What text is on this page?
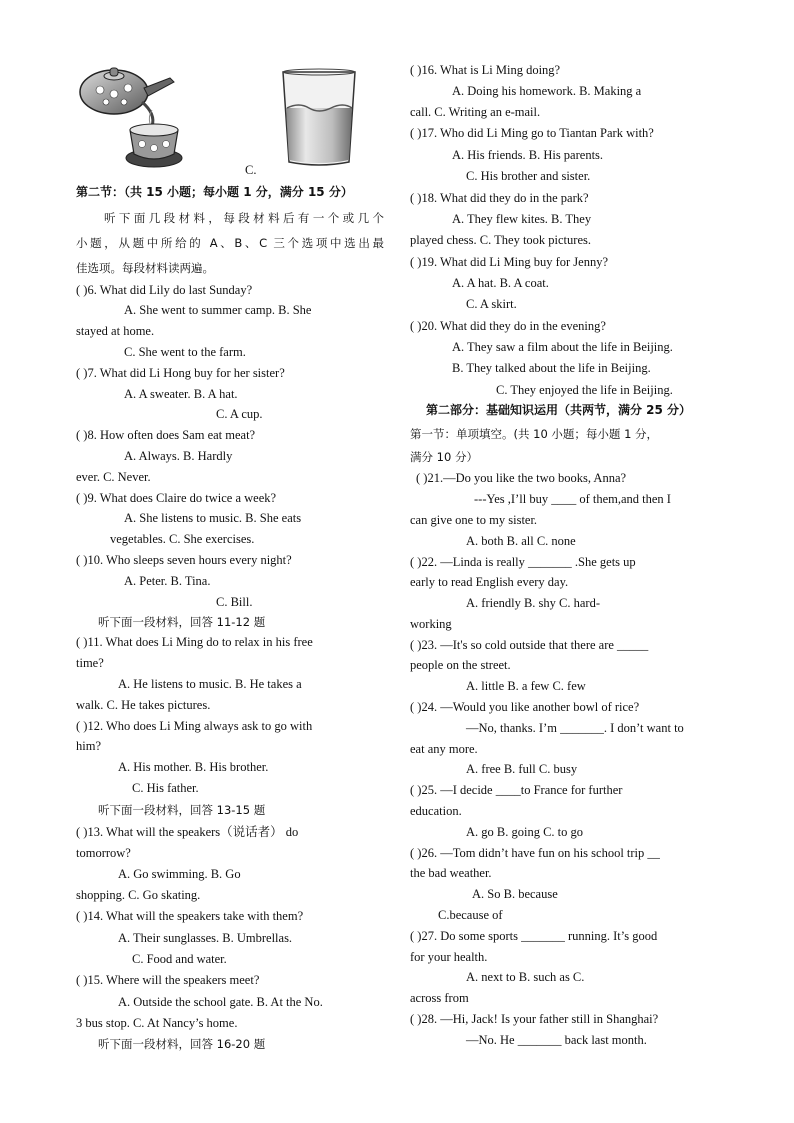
C.
第二节：（共 15 小题；每小题 1 分，满分 15 分）
听下面几段材料，每段材料后有一个或几个
小题，从题中所给的 A、B、C 三个选项中选出最
佳选项。每段材料读两遍。
( )6. What did Lily do last Sunday?
A. She went to summer camp. B. She
stayed at home.
C. She went to the farm.
( )7. What did Li Hong buy for her sister?
A. A sweater. B. A hat.
C. A cup.
( )8. How often does Sam eat meat?
A. Always. B. Hardly
ever. C. Never.
( )9. What does Claire do twice a week?
A. She listens to music. B. She eats
vegetables. C. She exercises.
( )10. Who sleeps seven hours every night?
A. Peter. B. Tina.
C. Bill.
听下面一段材料，回答 11-12 题
( )11. What does Li Ming do to relax in his free
time?
A. He listens to music. B. He takes a
walk. C. He takes pictures.
( )12. Who does Li Ming always ask to go with
him?
A. His mother. B. His brother.
C. His father.
听下面一段材料，回答 13-15 题
( )13. What will the speakers（说话者） do
tomorrow?
A. Go swimming. B. Go
shopping. C. Go skating.
( )14. What will the speakers take with them?
A. Their sunglasses. B. Umbrellas.
C. Food and water.
( )15. Where will the speakers meet?
A. Outside the school gate. B. At the No.
3 bus stop. C. At Nancy’s home.
听下面一段材料，回答 16-20 题
( )16. What is Li Ming doing?
A. Doing his homework. B. Making a
call. C. Writing an e-mail.
( )17. Who did Li Ming go to Tiantan Park with?
A. His friends. B. His parents.
C. His brother and sister.
( )18. What did they do in the park?
A. They flew kites. B. They
played chess. C. They took pictures.
( )19. What did Li Ming buy for Jenny?
A. A hat. B. A coat.
C. A skirt.
( )20. What did they do in the evening?
A. They saw a film about the life in Beijing.
B. They talked about the life in Beijing.
C. They enjoyed the life in Beijing.
第二部分：基础知识运用（共两节，满分 25 分）
第一节：单项填空。(共 10 小题；每小题 1 分，
满分 10 分）
( )21.—Do you like the two books, Anna?
---Yes ,I’ll buy ____ of them,and then I
can give one to my sister.
A. both B. all C. none
( )22. —Linda is really _______ .She gets up
early to read English every day.
A. friendly B. shy C. hard-
working
( )23. —It's so cold outside that there are _____
people on the street.
A. little B. a few C. few
( )24. —Would you like another bowl of rice?
—No, thanks. I’m _______. I don’t want to
eat any more.
A. free B. full C. busy
( )25. —I decide ____to France for further
education.
A. go B. going C. to go
( )26. —Tom didn’t have fun on his school trip __
the bad weather.
A. So B. because
C.because of
( )27. Do some sports _______ running. It’s good
for your health.
A. next to B. such as C.
across from
( )28. —Hi, Jack! Is your father still in Shanghai?
—No. He _______ back last month.
